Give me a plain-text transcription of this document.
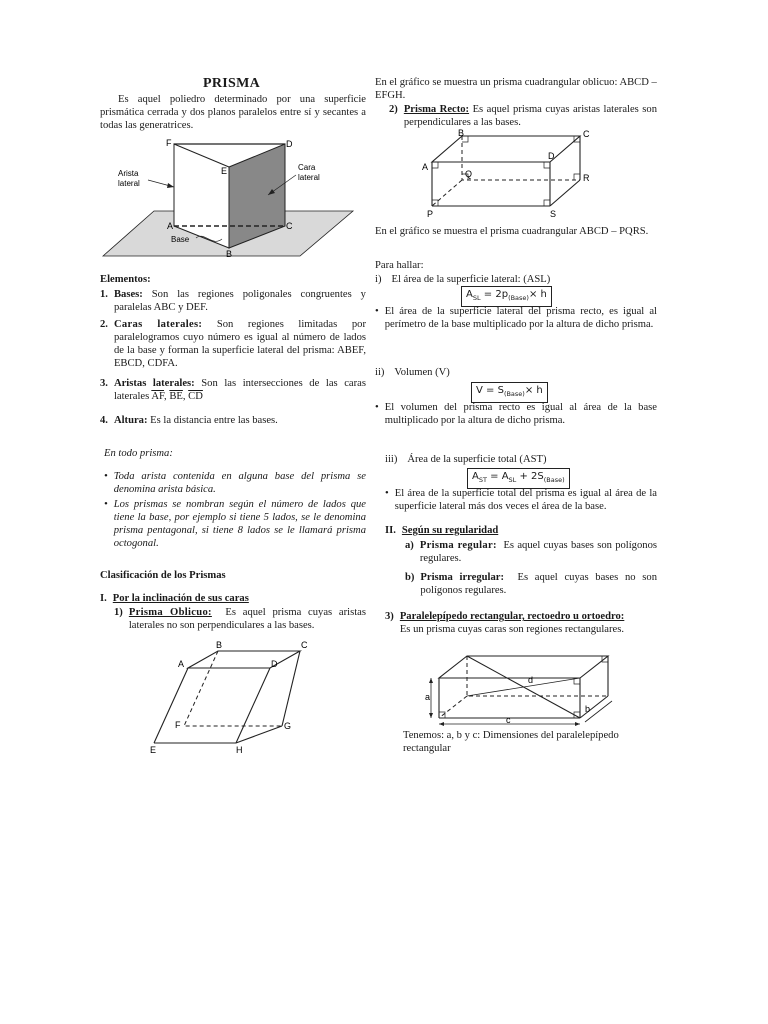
PRISMA

Es aquel poliedro determinado por una superficie prismática cerrada y dos planos paralelos entre sí y secantes a todas las generatrices.

F	D
E
A	C
B
Arista
lateral
Cara
lateral
Base
Elementos:
1. Bases: Son las regiones poligonales congruentes y paralelas ABC y DEF.
2. Caras laterales: Son regiones limitadas por paralelogramos cuyo número es igual al número de lados de la base y forman la superficie lateral del prisma: ABEF, EBCD, CDFA.
3. Aristas laterales: Son las intersecciones de las caras laterales $\overline{AF}$, $\overline{BE}$, $\overline{CD}$
4. Altura: Es la distancia entre las bases.
En todo prisma:
• Toda arista contenida en alguna base del prisma se denomina arista básica.
• Los prismas se nombran según el número de lados que tiene la base, por ejemplo si tiene 5 lados, se le denomina prisma pentagonal, si tiene 8 lados se le llamará prisma octogonal.
Clasificación de los Prismas
I. Por la inclinación de sus caras
1) Prisma Oblicuo: Es aquel prisma cuyas aristas laterales no son perpendiculares a las bases.
B	C
A	D
F	G
E	H

En el gráfico se muestra un prisma cuadrangular oblicuo: ABCD – EFGH.

2) Prisma Recto: Es aquel prisma cuyas aristas laterales son perpendiculares a las bases.
B	C
A
D
Q	R
P	S

En el gráfico se muestra el prisma cuadrangular ABCD – PQRS.

Para hallar:
i) El área de la superficie lateral: (ASL)
$A_{SL} = 2p_{(Base)}\times h$
• El área de la superficie lateral del prisma recto, es igual al perímetro de la base multiplicado por la altura de dicho prisma.
ii) Volumen (V)
$V = S_{(Base)}\times h$
• El volumen del prisma recto es igual al área de la base multiplicado por la altura de dicho prisma.
iii) Área de la superficie total (AST)
$A_{ST} = A_{SL} + 2S_{(Base)}$
• El área de la superficie total del prisma es igual al área de la superficie lateral más dos veces el área de la base.
II. Según su regularidad
a) Prisma regular: Es aquel cuyas bases son polígonos regulares.
b) Prisma irregular: Es aquel cuyas bases no son polígonos regulares.
3) Paralelepípedo rectangular, rectoedro u ortoedro:
Es un prisma cuyas caras son regiones rectangulares.
d
a
c
b

Tenemos: a, b y c: Dimensiones del paralelepípedo rectangular
